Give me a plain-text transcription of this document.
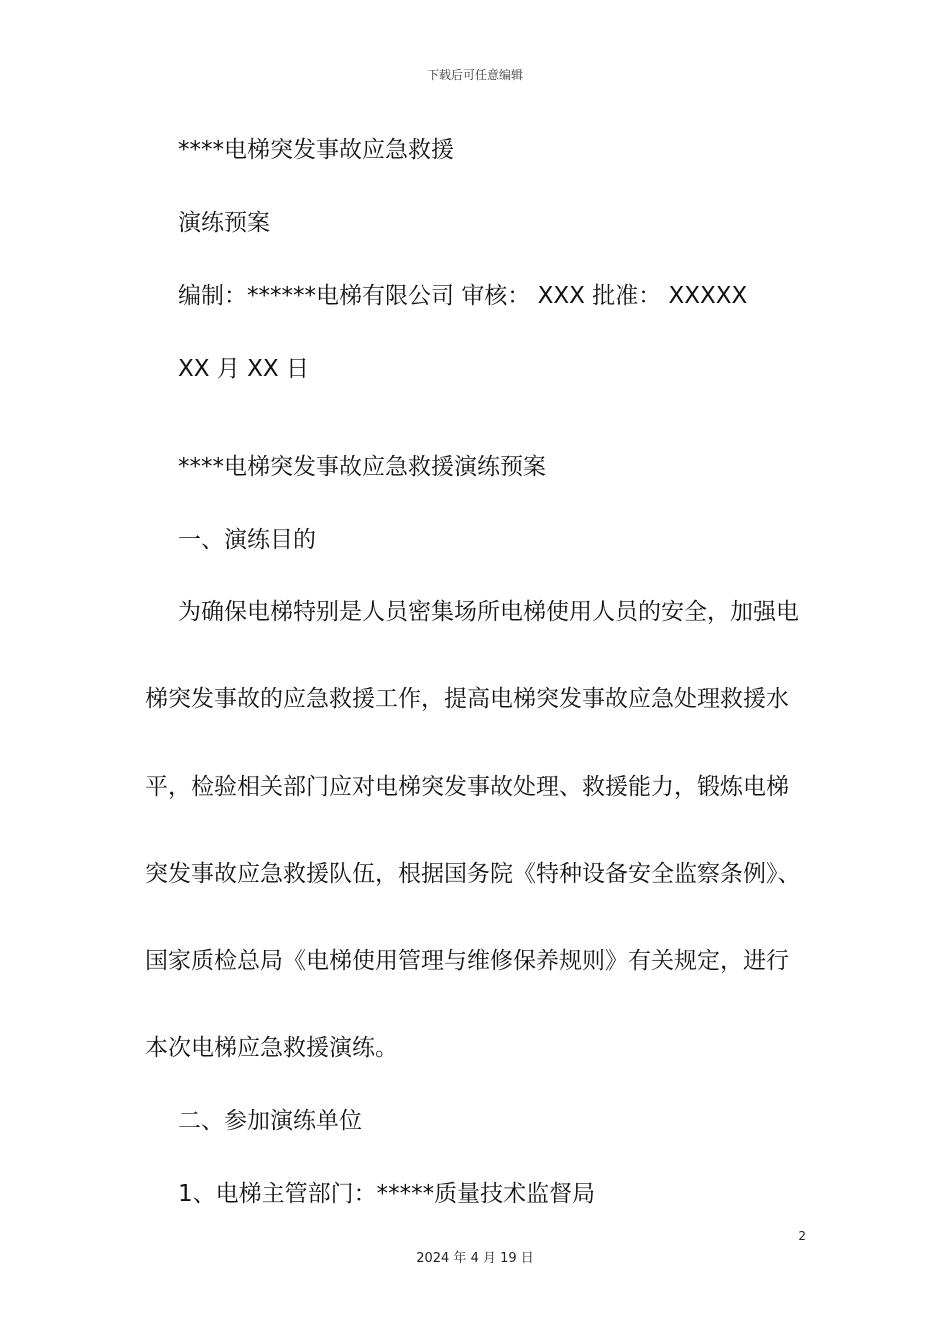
下载后可任意编辑
****电梯突发事故应急救援
演练预案
编制：******电梯有限公司 审核： XXX 批准： XXXXX
XX 月 XX 日
****电梯突发事故应急救援演练预案
一、演练目的
为确保电梯特别是人员密集场所电梯使用人员的安全，加强电
梯突发事故的应急救援工作，提高电梯突发事故应急处理救援水
平，检验相关部门应对电梯突发事故处理、救援能力，锻炼电梯
突发事故应急救援队伍，根据国务院《特种设备安全监察条例》、
国家质检总局《电梯使用管理与维修保养规则》有关规定，进行
本次电梯应急救援演练。
二、参加演练单位
1、电梯主管部门：*****质量技术监督局
2
2024 年 4 月 19 日
